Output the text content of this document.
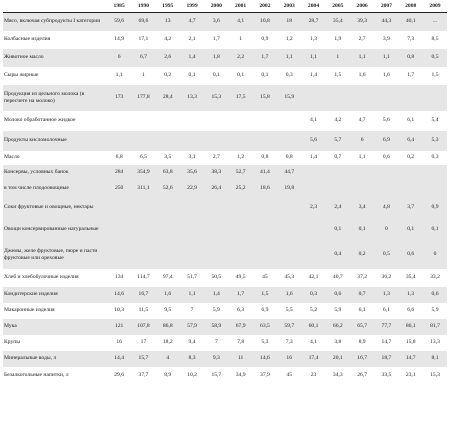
	1985	1990	1995	1999	2000	2001	2002	2003	2004	2005	2006	2007	2008	2009
Мясо, включая субпродукты I категории	59,6	69,6	13	4,7	3,6	4,1	10,8	18	28,7	35,4	39,3	44,3	40,1	...
Колбасные изделия	14,9	17,1	4,2	2,1	1,7	1	0,9	1,2	1,3	1,9	2,7	3,9	7,3	8,5
Животное масло	6	6,7	2,6	1,4	1,8	2,2	1,7	1,1	1,1	1	1,1	1,1	0,8	0,5
Сыры жирные	1,1	1	0,2	0,1	0,1	0,1	0,1	0,3	1,4	1,5	1,6	1,6	1,7	1,5
Продукция из цельного молока (в пересчете на молоко)	173	177,8	28,4	13,3	15,3	17,5	15,8	15,9						
Молоко обработанное жидкое									4,1	4,2	4,7	5,6	6,1	5,4
Продукты кисломолочные									5,6	5,7	6	6,9	6,4	5,3
Масло	6,8	6,5	3,5	3,1	2,7	1,2	0,8	0,8	1,4	0,7	1,1	0,6	0,2	0,3
Консервы, условных банок	284	354,9	63,8	35,6	38,3	52,7	41,4	44,7						
в том числе плодоовощные	250	311,1	52,6	22,9	26,4	25,2	18,6	19,8						
Соки фруктовые и овощные, нектары									2,3	2,4	3,4	4,8	3,7	0,9
Овощи консервированные натуральные										0,1	0,1	0	0,1	0,1
Джемы, желе фруктовые, пюре и пасти фруктовые или ореховые										0,4	0,2	0,5	0,6	0
Хлеб и хлебобулочные изделия	134	114,7	97,4	51,7	50,5	49,5	45	45,3	42,1	40,7	37,2	36,2	35,4	33,2
Кондитерские изделия	14,6	16,7	1,6	1,1	1,4	1,7	1,5	1,6	0,3	0,6	0,7	1,3	1,3	0,6
Макаронные изделия	10,3	11,5	9,5	7	5,9	6,3	6,9	5,5	5,2	5,9	6,1	6,1	6,6	5,9
Мука	121	107,8	86,8	57,9	58,9	67,9	63,5	59,7	60,1	66,2	65,7	77,7	86,1	81,7
Крупы	16	17	18,2	9,4	7	7,8	5,3	7,3	4,1	3,8	8,9	14,7	15,8	13,3
Минеральные воды, л	14,4	15,7	4	8,3	9,3	11	14,6	16	17,4	20,1	16,7	18,7	14,7	8,1
Безалкогольные напитки, л	29,6	37,7	8,9	10,2	15,7	34,9	37,9	45	23	34,3	26,7	33,5	23,1	15,3
